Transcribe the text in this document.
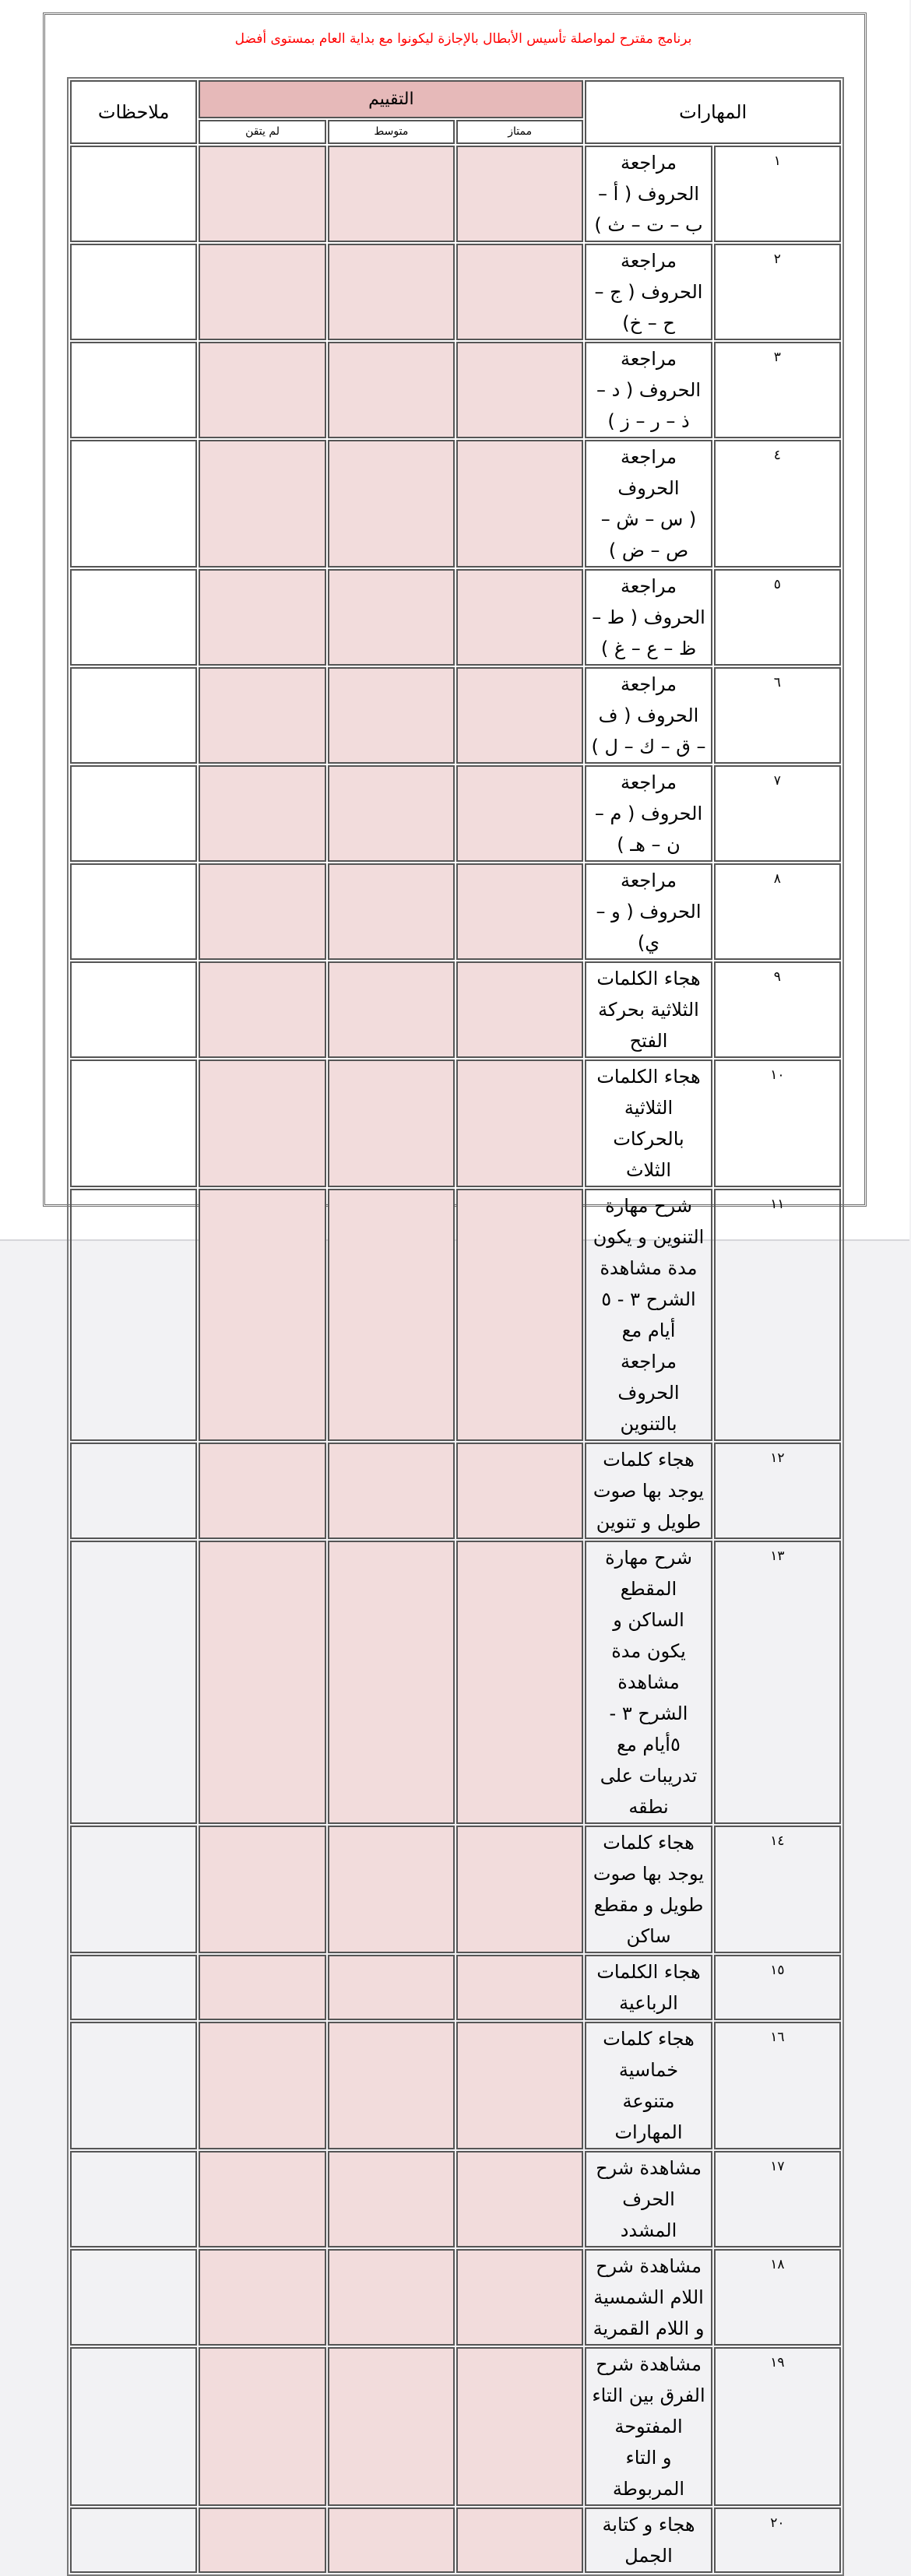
برنامج مقترح لمواصلة تأسيس الأبطال بالإجازة ليكونوا مع بداية العام بمستوى أفضل
المهارات		التقييم			ملاحظات
		ممتاز	متوسط	لم يتقن	
١	مراجعة الحروف ( أ – ب – ت – ث )				
٢	مراجعة الحروف ( ج – ح – خ)				
٣	مراجعة الحروف ( د – ذ – ر – ز )				
٤	مراجعة الحروف
( س – ش – ص – ض )				
٥	مراجعة الحروف ( ط – ظ – ع – غ )				
٦	مراجعة الحروف ( ف – ق – ك – ل )				
٧	مراجعة الحروف ( م – ن – هـ )				
٨	مراجعة الحروف ( و – ي)				
٩	هجاء الكلمات الثلاثية بحركة الفتح				
١٠	هجاء الكلمات الثلاثية بالحركات الثلاث				
١١	شرح مهارة التنوين و يكون مدة مشاهدة الشرح ٣ - ٥ أيام مع مراجعة الحروف بالتنوين				
١٢	هجاء كلمات يوجد بها صوت طويل و تنوين				
١٣	شرح مهارة المقطع الساكن و يكون مدة مشاهدة الشرح ٣ - ٥أيام مع تدريبات على نطقه				
١٤	هجاء كلمات يوجد بها صوت طويل و مقطع ساكن				
١٥	هجاء الكلمات الرباعية				
١٦	هجاء كلمات خماسية متنوعة المهارات				
١٧	مشاهدة شرح الحرف المشدد				
١٨	مشاهدة شرح اللام الشمسية
و اللام القمرية				
١٩	مشاهدة شرح الفرق بين التاء المفتوحة
و التاء المربوطة				
٢٠	هجاء و كتابة الجمل				
